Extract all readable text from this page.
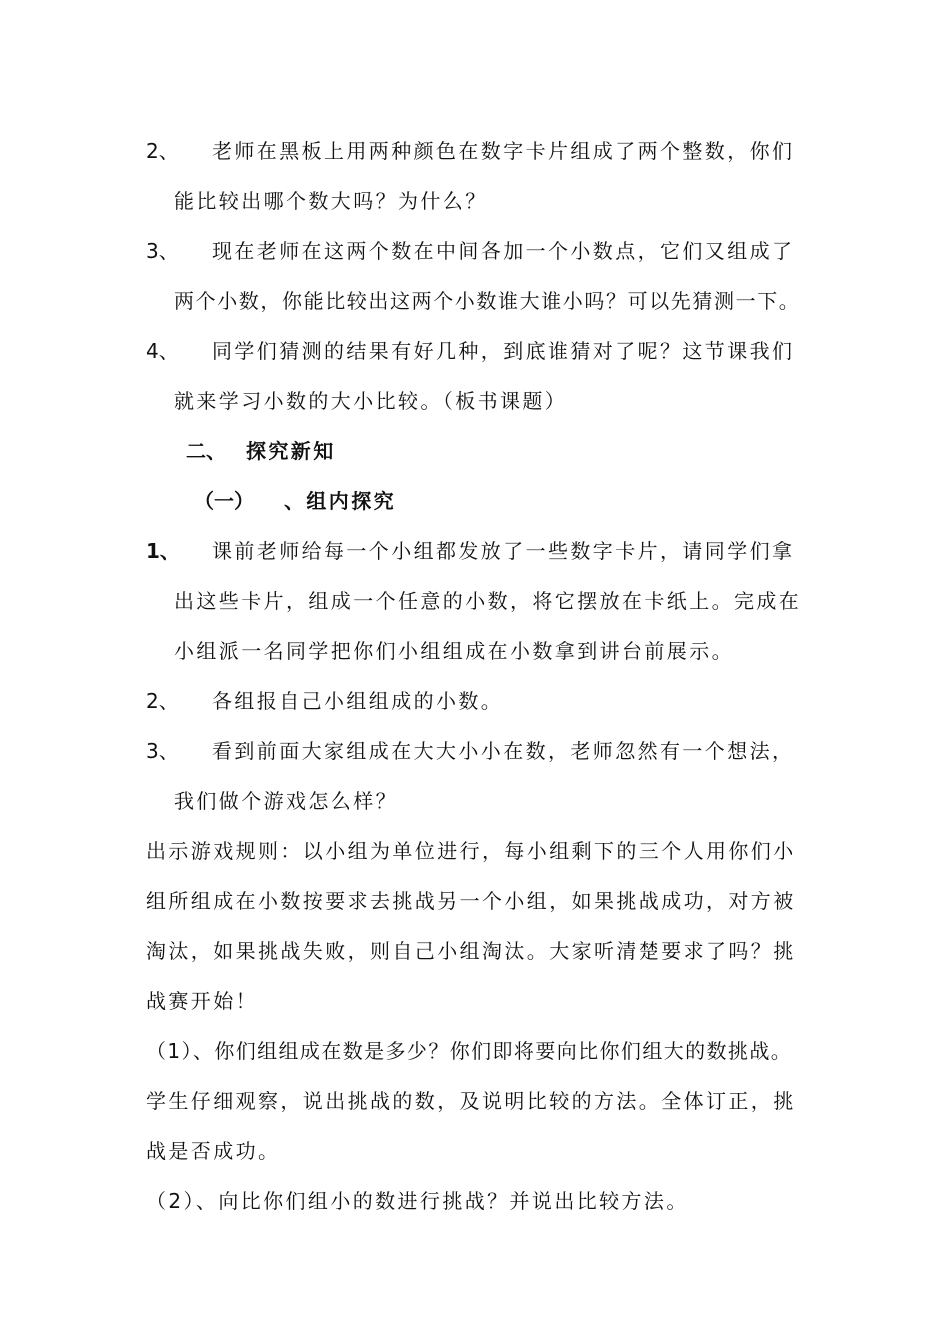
2、 老师在黑板上用两种颜色在数字卡片组成了两个整数，你们
能比较出哪个数大吗？为什么？
3、 现在老师在这两个数在中间各加一个小数点，它们又组成了
两个小数，你能比较出这两个小数谁大谁小吗？可以先猜测一下。
4、 同学们猜测的结果有好几种，到底谁猜对了呢？这节课我们
就来学习小数的大小比较。（板书课题）
二、 探究新知
（一） 、组内探究
1、 课前老师给每一个小组都发放了一些数字卡片，请同学们拿
出这些卡片，组成一个任意的小数，将它摆放在卡纸上。完成在
小组派一名同学把你们小组组成在小数拿到讲台前展示。
2、 各组报自己小组组成的小数。
3、 看到前面大家组成在大大小小在数，老师忽然有一个想法，
我们做个游戏怎么样？
出示游戏规则：以小组为单位进行，每小组剩下的三个人用你们小
组所组成在小数按要求去挑战另一个小组，如果挑战成功，对方被
淘汰，如果挑战失败，则自己小组淘汰。大家听清楚要求了吗？挑
战赛开始！
（1）、你们组组成在数是多少？你们即将要向比你们组大的数挑战。
学生仔细观察，说出挑战的数，及说明比较的方法。全体订正，挑
战是否成功。
（2）、向比你们组小的数进行挑战？并说出比较方法。
